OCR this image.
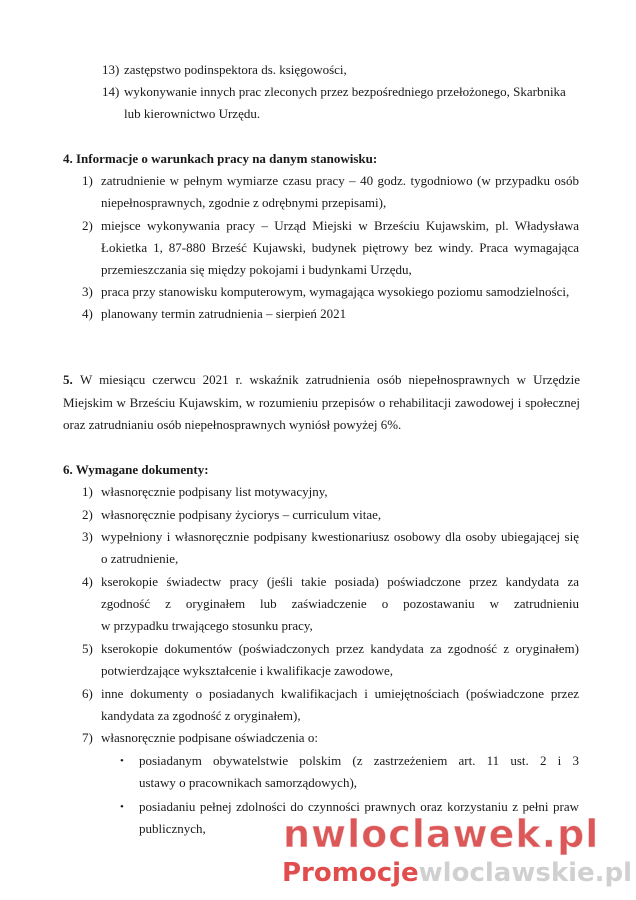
13) zastępstwo podinspektora ds. księgowości,
14) wykonywanie innych prac zleconych przez bezpośredniego przełożonego, Skarbnika
lub kierownictwo Urzędu.
4. Informacje o warunkach pracy na danym stanowisku:
1) zatrudnienie w pełnym wymiarze czasu pracy – 40 godz. tygodniowo (w przypadku osób
niepełnosprawnych, zgodnie z odrębnymi przepisami),
2) miejsce wykonywania pracy – Urząd Miejski w Brześciu Kujawskim, pl. Władysława
Łokietka 1, 87-880 Brześć Kujawski, budynek piętrowy bez windy. Praca wymagająca
przemieszczania się między pokojami i budynkami Urzędu,
3) praca przy stanowisku komputerowym, wymagająca wysokiego poziomu samodzielności,
4) planowany termin zatrudnienia – sierpień 2021
5. W miesiącu czerwcu 2021 r. wskaźnik zatrudnienia osób niepełnosprawnych w Urzędzie
Miejskim w Brześciu Kujawskim, w rozumieniu przepisów o rehabilitacji zawodowej i społecznej
oraz zatrudnianiu osób niepełnosprawnych wyniósł powyżej 6%.
6. Wymagane dokumenty:
1) własnoręcznie podpisany list motywacyjny,
2) własnoręcznie podpisany życiorys – curriculum vitae,
3) wypełniony i własnoręcznie podpisany kwestionariusz osobowy dla osoby ubiegającej się
o zatrudnienie,
4) kserokopie świadectw pracy (jeśli takie posiada) poświadczone przez kandydata za
zgodność z oryginałem lub zaświadczenie o pozostawaniu w zatrudnieniu
w przypadku trwającego stosunku pracy,
5) kserokopie dokumentów (poświadczonych przez kandydata za zgodność z oryginałem)
potwierdzające wykształcenie i kwalifikacje zawodowe,
6) inne dokumenty o posiadanych kwalifikacjach i umiejętnościach (poświadczone przez
kandydata za zgodność z oryginałem),
7) własnoręcznie podpisane oświadczenia o:
• posiadanym obywatelstwie polskim (z zastrzeżeniem art. 11 ust. 2 i 3
ustawy o pracownikach samorządowych),
• posiadaniu pełnej zdolności do czynności prawnych oraz korzystaniu z pełni praw
publicznych, nwloclawek.pl
Promocjewloclawskie.pl
